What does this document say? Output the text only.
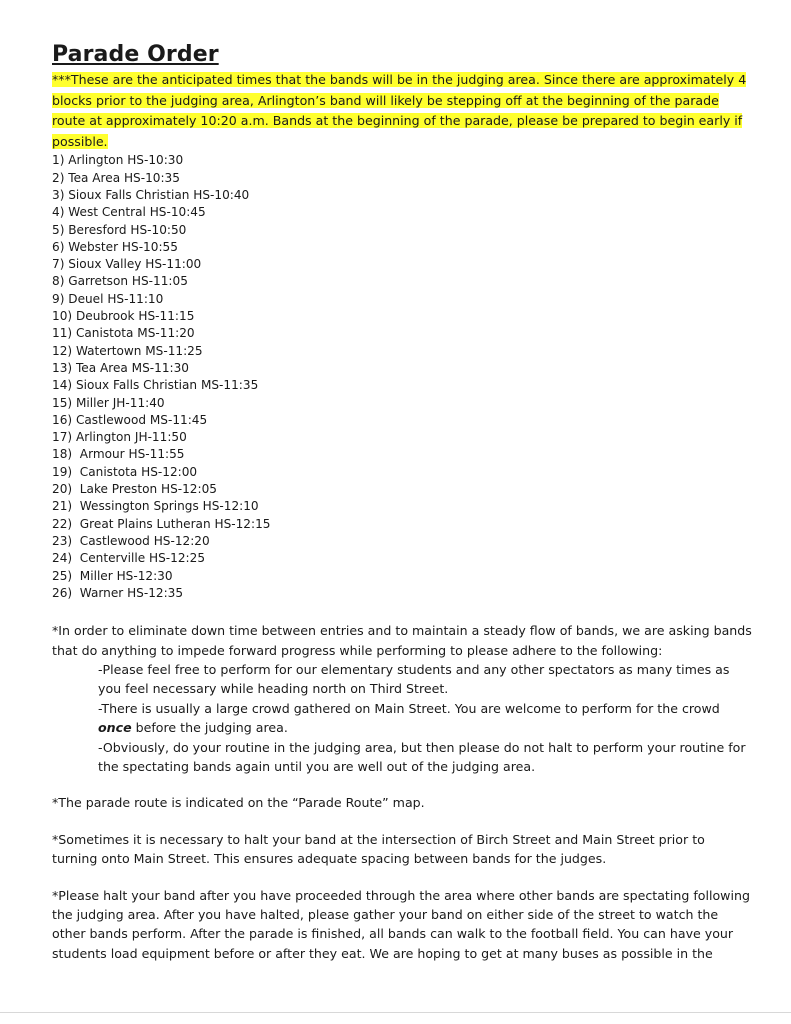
Parade Order

***These are the anticipated times that the bands will be in the judging area. Since there are approximately 4 blocks prior to the judging area, Arlington’s band will likely be stepping off at the beginning of the parade route at approximately 10:20 a.m. Bands at the beginning of the parade, please be prepared to begin early if possible.

1) Arlington HS-10:30
2) Tea Area HS-10:35
3) Sioux Falls Christian HS-10:40
4) West Central HS-10:45
5) Beresford HS-10:50
6) Webster HS-10:55
7) Sioux Valley HS-11:00
8) Garretson HS-11:05
9) Deuel HS-11:10
10) Deubrook HS-11:15
11) Canistota MS-11:20
12) Watertown MS-11:25
13) Tea Area MS-11:30
14) Sioux Falls Christian MS-11:35
15) Miller JH-11:40
16) Castlewood MS-11:45
17) Arlington JH-11:50
18)  Armour HS-11:55
19)  Canistota HS-12:00
20)  Lake Preston HS-12:05
21)  Wessington Springs HS-12:10
22)  Great Plains Lutheran HS-12:15
23)  Castlewood HS-12:20
24)  Centerville HS-12:25
25)  Miller HS-12:30
26)  Warner HS-12:35

*In order to eliminate down time between entries and to maintain a steady flow of bands, we are asking bands that do anything to impede forward progress while performing to please adhere to the following:

-Please feel free to perform for our elementary students and any other spectators as many times as
you feel necessary while heading north on Third Street.
-There is usually a large crowd gathered on Main Street. You are welcome to perform for the crowd
once before the judging area.
-Obviously, do your routine in the judging area, but then please do not halt to perform your routine for
the spectating bands again until you are well out of the judging area.

*The parade route is indicated on the “Parade Route” map.

*Sometimes it is necessary to halt your band at the intersection of Birch Street and Main Street prior to turning onto Main Street. This ensures adequate spacing between bands for the judges.

*Please halt your band after you have proceeded through the area where other bands are spectating following the judging area. After you have halted, please gather your band on either side of the street to watch the other bands perform. After the parade is finished, all bands can walk to the football field. You can have your students load equipment before or after they eat. We are hoping to get at many buses as possible in the
